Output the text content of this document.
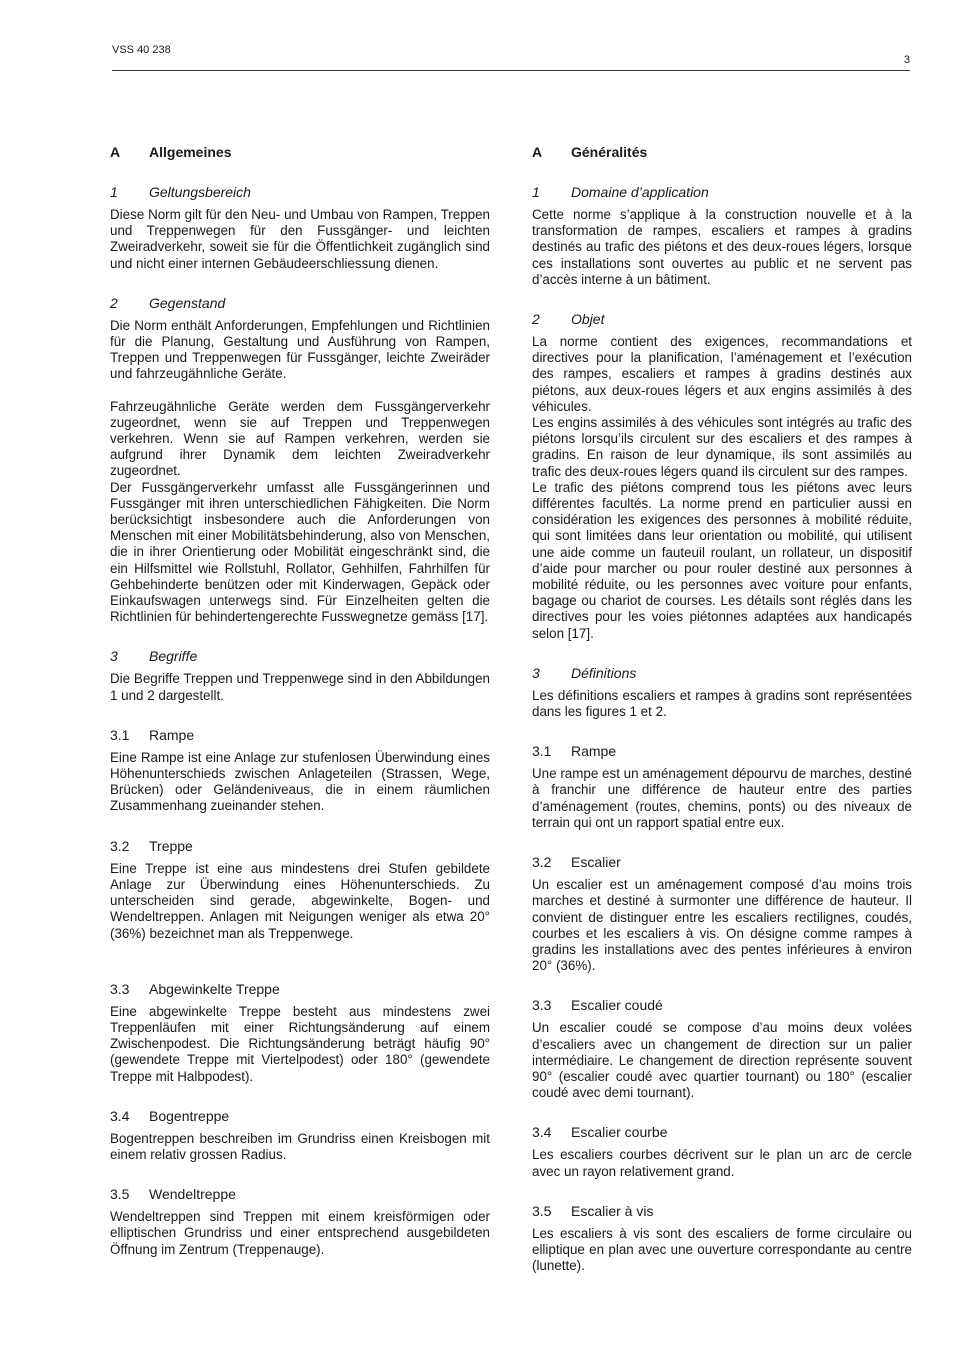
VSS 40 238
3
A Allgemeines
1 Geltungsbereich

Diese Norm gilt für den Neu- und Umbau von Rampen, Treppen und Treppenwegen für den Fussgänger- und leichten Zweiradverkehr, soweit sie für die Öffentlichkeit zugänglich sind und nicht einer internen Gebäudeerschliessung dienen.

2 Gegenstand

Die Norm enthält Anforderungen, Empfehlungen und Richtlinien für die Planung, Gestaltung und Ausführung von Rampen, Treppen und Treppenwegen für Fussgänger, leichte Zweiräder und fahrzeugähnliche Geräte.

Fahrzeugähnliche Geräte werden dem Fussgängerverkehr zugeordnet, wenn sie auf Treppen und Treppenwegen verkehren. Wenn sie auf Rampen verkehren, werden sie aufgrund ihrer Dynamik dem leichten Zweiradverkehr zugeordnet.

Der Fussgängerverkehr umfasst alle Fussgängerinnen und Fussgänger mit ihren unterschiedlichen Fähigkeiten. Die Norm berücksichtigt insbesondere auch die Anforderungen von Menschen mit einer Mobilitätsbehinderung, also von Menschen, die in ihrer Orientierung oder Mobilität eingeschränkt sind, die ein Hilfsmittel wie Rollstuhl, Rollator, Gehhilfen, Fahrhilfen für Gehbehinderte benützen oder mit Kinderwagen, Gepäck oder Einkaufswagen unterwegs sind. Für Einzelheiten gelten die Richtlinien für behindertengerechte Fusswegnetze gemäss [17].

3 Begriffe

Die Begriffe Treppen und Treppenwege sind in den Abbildungen 1 und 2 dargestellt.

3.1 Rampe

Eine Rampe ist eine Anlage zur stufenlosen Überwindung eines Höhenunterschieds zwischen Anlageteilen (Strassen, Wege, Brücken) oder Geländeniveaus, die in einem räumlichen Zusammenhang zueinander stehen.

3.2 Treppe

Eine Treppe ist eine aus mindestens drei Stufen gebildete Anlage zur Überwindung eines Höhenunterschieds. Zu unterscheiden sind gerade, abgewinkelte, Bogen- und Wendeltreppen. Anlagen mit Neigungen weniger als etwa 20° (36%) bezeichnet man als Treppenwege.

3.3 Abgewinkelte Treppe

Eine abgewinkelte Treppe besteht aus mindestens zwei Treppenläufen mit einer Richtungsänderung auf einem Zwischenpodest. Die Richtungsänderung beträgt häufig 90° (gewendete Treppe mit Viertelpodest) oder 180° (gewendete Treppe mit Halbpodest).

3.4 Bogentreppe

Bogentreppen beschreiben im Grundriss einen Kreisbogen mit einem relativ grossen Radius.

3.5 Wendeltreppe

Wendeltreppen sind Treppen mit einem kreisförmigen oder elliptischen Grundriss und einer entsprechend ausgebildeten Öffnung im Zentrum (Treppenauge).

A Généralités
1 Domaine d’application

Cette norme s’applique à la construction nouvelle et à la transformation de rampes, escaliers et rampes à gradins destinés au trafic des piétons et des deux-roues légers, lorsque ces installations sont ouvertes au public et ne servent pas d’accès interne à un bâtiment.

2 Objet

La norme contient des exigences, recommandations et directives pour la planification, l’aménagement et l’exécution des rampes, escaliers et rampes à gradins destinés aux piétons, aux deux-roues légers et aux engins assimilés à des véhicules.

Les engins assimilés à des véhicules sont intégrés au trafic des piétons lorsqu’ils circulent sur des escaliers et des rampes à gradins. En raison de leur dynamique, ils sont assimilés au trafic des deux-roues légers quand ils circulent sur des rampes.

Le trafic des piétons comprend tous les piétons avec leurs différentes facultés. La norme prend en particulier aussi en considération les exigences des personnes à mobilité réduite, qui sont limitées dans leur orientation ou mobilité, qui utilisent une aide comme un fauteuil roulant, un rollateur, un dispositif d’aide pour marcher ou pour rouler destiné aux personnes à mobilité réduite, ou les personnes avec voiture pour enfants, bagage ou chariot de courses. Les détails sont réglés dans les directives pour les voies piétonnes adaptées aux handicapés selon [17].

3 Définitions

Les définitions escaliers et rampes à gradins sont représentées dans les figures 1 et 2.

3.1 Rampe

Une rampe est un aménagement dépourvu de marches, destiné à franchir une différence de hauteur entre des parties d’aménagement (routes, chemins, ponts) ou des niveaux de terrain qui ont un rapport spatial entre eux.

3.2 Escalier

Un escalier est un aménagement composé d’au moins trois marches et destiné à surmonter une différence de hauteur. Il convient de distinguer entre les escaliers rectilignes, coudés, courbes et les escaliers à vis. On désigne comme rampes à gradins les installations avec des pentes inférieures à environ 20° (36%).

3.3 Escalier coudé

Un escalier coudé se compose d’au moins deux volées d’escaliers avec un changement de direction sur un palier intermédiaire. Le changement de direction représente souvent 90° (escalier coudé avec quartier tournant) ou 180° (escalier coudé avec demi tournant).

3.4 Escalier courbe

Les escaliers courbes décrivent sur le plan un arc de cercle avec un rayon relativement grand.

3.5 Escalier à vis

Les escaliers à vis sont des escaliers de forme circulaire ou elliptique en plan avec une ouverture correspondante au centre (lunette).
